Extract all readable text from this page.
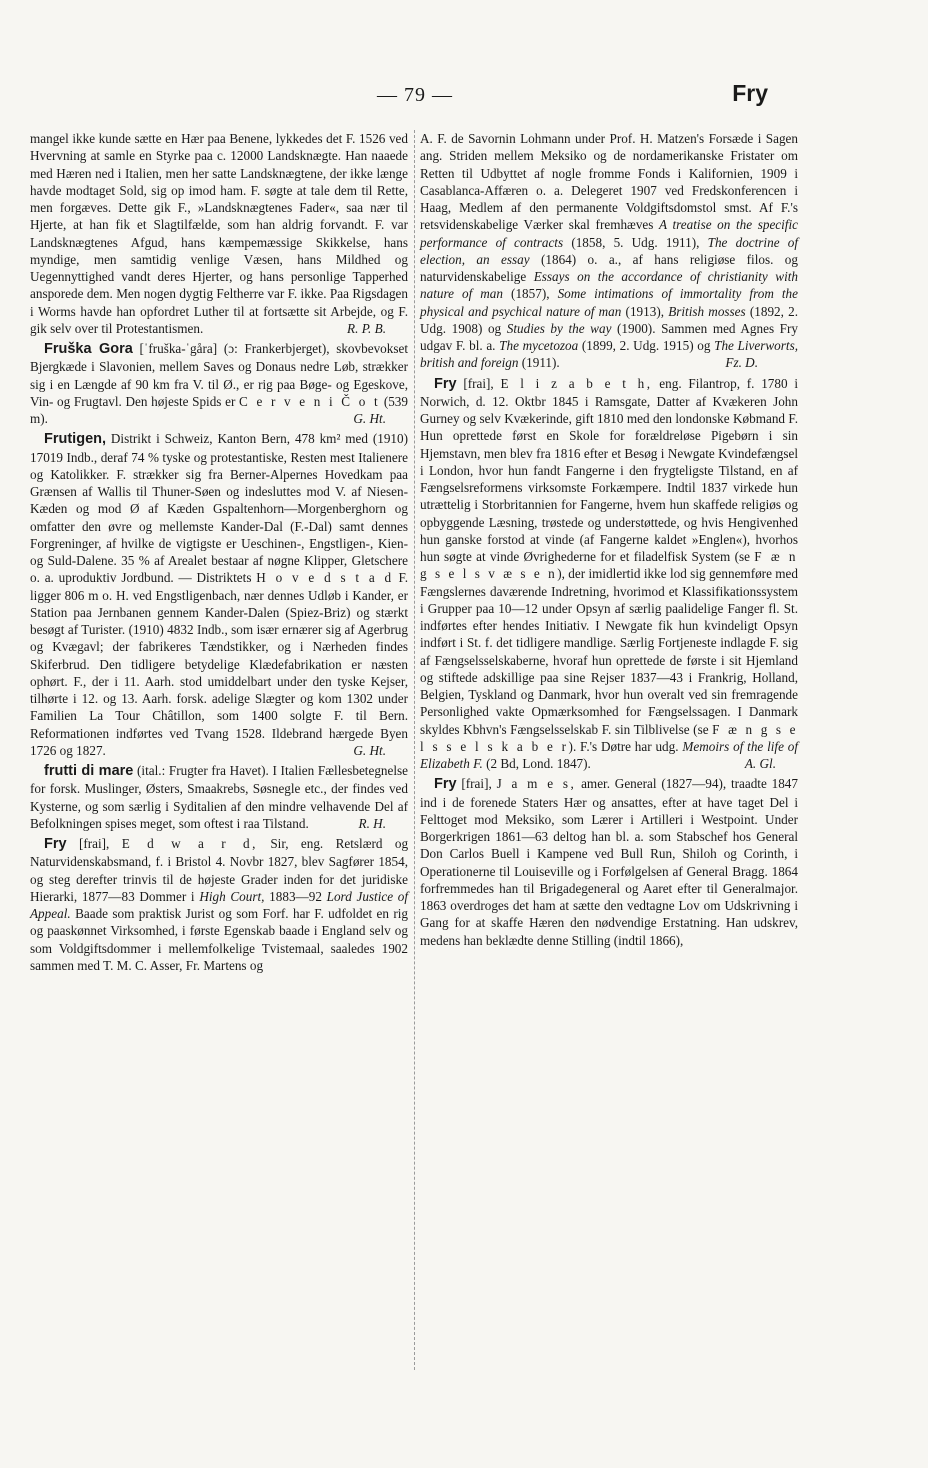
— 79 —	Fry

mangel ikke kunde sætte en Hær paa Benene, lykkedes det F. 1526 ved Hvervning at samle en Styrke paa c. 12000 Landsknægte. Han naaede med Hæren ned i Italien, men her satte Landsknægtene, der ikke længe havde modtaget Sold, sig op imod ham. F. søgte at tale dem til Rette, men forgæves. Dette gik F., »Landsknægtenes Fader«, saa nær til Hjerte, at han fik et Slagtilfælde, som han aldrig forvandt. F. var Landsknægtenes Afgud, hans kæmpemæssige Skikkelse, hans myndige, men samtidig venlige Væsen, hans Mildhed og Uegennyttighed vandt deres Hjerter, og hans personlige Tapperhed ansporede dem. Men nogen dygtig Feltherre var F. ikke. Paa Rigsdagen i Worms havde han opfordret Luther til at fortsætte sit Arbejde, og F. gik selv over til Protestantismen.	R. P. B.

Fruška Gora [ˈfruška-ˈgåra] (ɔ: Frankerbjerget), skovbevokset Bjergkæde i Slavonien, mellem Saves og Donaus nedre Løb, strækker sig i en Længde af 90 km fra V. til Ø., er rig paa Bøge- og Egeskove, Vin- og Frugtavl. Den højeste Spids er C e r v e n i Č o t (539 m).	G. Ht.

Frutigen, Distrikt i Schweiz, Kanton Bern, 478 km² med (1910) 17019 Indb., deraf 74 % tyske og protestantiske, Resten mest Italienere og Katolikker. F. strækker sig fra Berner-Alpernes Hovedkam paa Grænsen af Wallis til Thuner-Søen og indesluttes mod V. af Niesen-Kæden og mod Ø af Kæden Gspaltenhorn—Morgenberghorn og omfatter den øvre og mellemste Kander-Dal (F.-Dal) samt dennes Forgreninger, af hvilke de vigtigste er Ueschinen-, Engstligen-, Kien- og Suld-Dalene. 35 % af Arealet bestaar af nøgne Klipper, Gletschere o. a. uproduktiv Jordbund. — Distriktets H o v e d s t a d F. ligger 806 m o. H. ved Engstligenbach, nær dennes Udløb i Kander, er Station paa Jernbanen gennem Kander-Dalen (Spiez-Briz) og stærkt besøgt af Turister. (1910) 4832 Indb., som især ernærer sig af Agerbrug og Kvægavl; der fabrikeres Tændstikker, og i Nærheden findes Skiferbrud. Den tidligere betydelige Klædefabrikation er næsten ophørt. F., der i 11. Aarh. stod umiddelbart under den tyske Kejser, tilhørte i 12. og 13. Aarh. forsk. adelige Slægter og kom 1302 under Familien La Tour Châtillon, som 1400 solgte F. til Bern. Reformationen indførtes ved Tvang 1528. Ildebrand hærgede Byen 1726 og 1827.	G. Ht.

frutti di mare (ital.: Frugter fra Havet). I Italien Fællesbetegnelse for forsk. Muslinger, Østers, Smaakrebs, Søsnegle etc., der findes ved Kysterne, og som særlig i Syditalien af den mindre velhavende Del af Befolkningen spises meget, som oftest i raa Tilstand.	R. H.

Fry [frai], E d w a r d, Sir, eng. Retslærd og Naturvidenskabsmand, f. i Bristol 4. Novbr 1827, blev Sagfører 1854, og steg derefter trinvis til de højeste Grader inden for det juridiske Hierarki, 1877—83 Dommer i High Court, 1883—92 Lord Justice of Appeal. Baade som praktisk Jurist og som Forf. har F. udfoldet en rig og paaskønnet Virksomhed, i første Egenskab baade i England selv og som Voldgiftsdommer i mellemfolkelige Tvistemaal, saaledes 1902 sammen med T. M. C. Asser, Fr. Martens og

A. F. de Savornin Lohmann under Prof. H. Matzen's Forsæde i Sagen ang. Striden mellem Meksiko og de nordamerikanske Fristater om Retten til Udbyttet af nogle fromme Fonds i Kalifornien, 1909 i Casablanca-Affæren o. a. Delegeret 1907 ved Fredskonferencen i Haag, Medlem af den permanente Voldgiftsdomstol smst. Af F.'s retsvidenskabelige Værker skal fremhæves A treatise on the specific performance of contracts (1858, 5. Udg. 1911), The doctrine of election, an essay (1864) o. a., af hans religiøse filos. og naturvidenskabelige Essays on the accordance of christianity with nature of man (1857), Some intimations of immortality from the physical and psychical nature of man (1913), British mosses (1892, 2. Udg. 1908) og Studies by the way (1900). Sammen med Agnes Fry udgav F. bl. a. The mycetozoa (1899, 2. Udg. 1915) og The Liverworts, british and foreign (1911).	Fz. D.

Fry [frai], E l i z a b e t h, eng. Filantrop, f. 1780 i Norwich, d. 12. Oktbr 1845 i Ramsgate, Datter af Kvækeren John Gurney og selv Kvækerinde, gift 1810 med den londonske Købmand F. Hun oprettede først en Skole for forældreløse Pigebørn i sin Hjemstavn, men blev fra 1816 efter et Besøg i Newgate Kvindefængsel i London, hvor hun fandt Fangerne i den frygteligste Tilstand, en af Fængselsreformens virksomste Forkæmpere. Indtil 1837 virkede hun utrættelig i Storbritannien for Fangerne, hvem hun skaffede religiøs og opbyggende Læsning, trøstede og understøttede, og hvis Hengivenhed hun ganske forstod at vinde (af Fangerne kaldet »Englen«), hvorhos hun søgte at vinde Øvrighederne for et filadelfisk System (se F æ n g s e l s v æ s e n), der imidlertid ikke lod sig gennemføre med Fængslernes daværende Indretning, hvorimod et Klassifikationssystem i Grupper paa 10—12 under Opsyn af særlig paalidelige Fanger fl. St. indførtes efter hendes Initiativ. I Newgate fik hun kvindeligt Opsyn indført i St. f. det tidligere mandlige. Særlig Fortjeneste indlagde F. sig af Fængselsselskaberne, hvoraf hun oprettede de første i sit Hjemland og stiftede adskillige paa sine Rejser 1837—43 i Frankrig, Holland, Belgien, Tyskland og Danmark, hvor hun overalt ved sin fremragende Personlighed vakte Opmærksomhed for Fængselssagen. I Danmark skyldes Kbhvn's Fængselsselskab F. sin Tilblivelse (se F æ n g s e l s s e l s k a b e r). F.'s Døtre har udg. Memoirs of the life of Elizabeth F. (2 Bd, Lond. 1847).	A. Gl.

Fry [frai], J a m e s, amer. General (1827—94), traadte 1847 ind i de forenede Staters Hær og ansattes, efter at have taget Del i Felttoget mod Meksiko, som Lærer i Artilleri i Westpoint. Under Borgerkrigen 1861—63 deltog han bl. a. som Stabschef hos General Don Carlos Buell i Kampene ved Bull Run, Shiloh og Corinth, i Operationerne til Louiseville og i Forfølgelsen af General Bragg. 1864 forfremmedes han til Brigadegeneral og Aaret efter til Generalmajor. 1863 overdroges det ham at sætte den vedtagne Lov om Udskrivning i Gang for at skaffe Hæren den nødvendige Erstatning. Han udskrev, medens han beklædte denne Stilling (indtil 1866),
